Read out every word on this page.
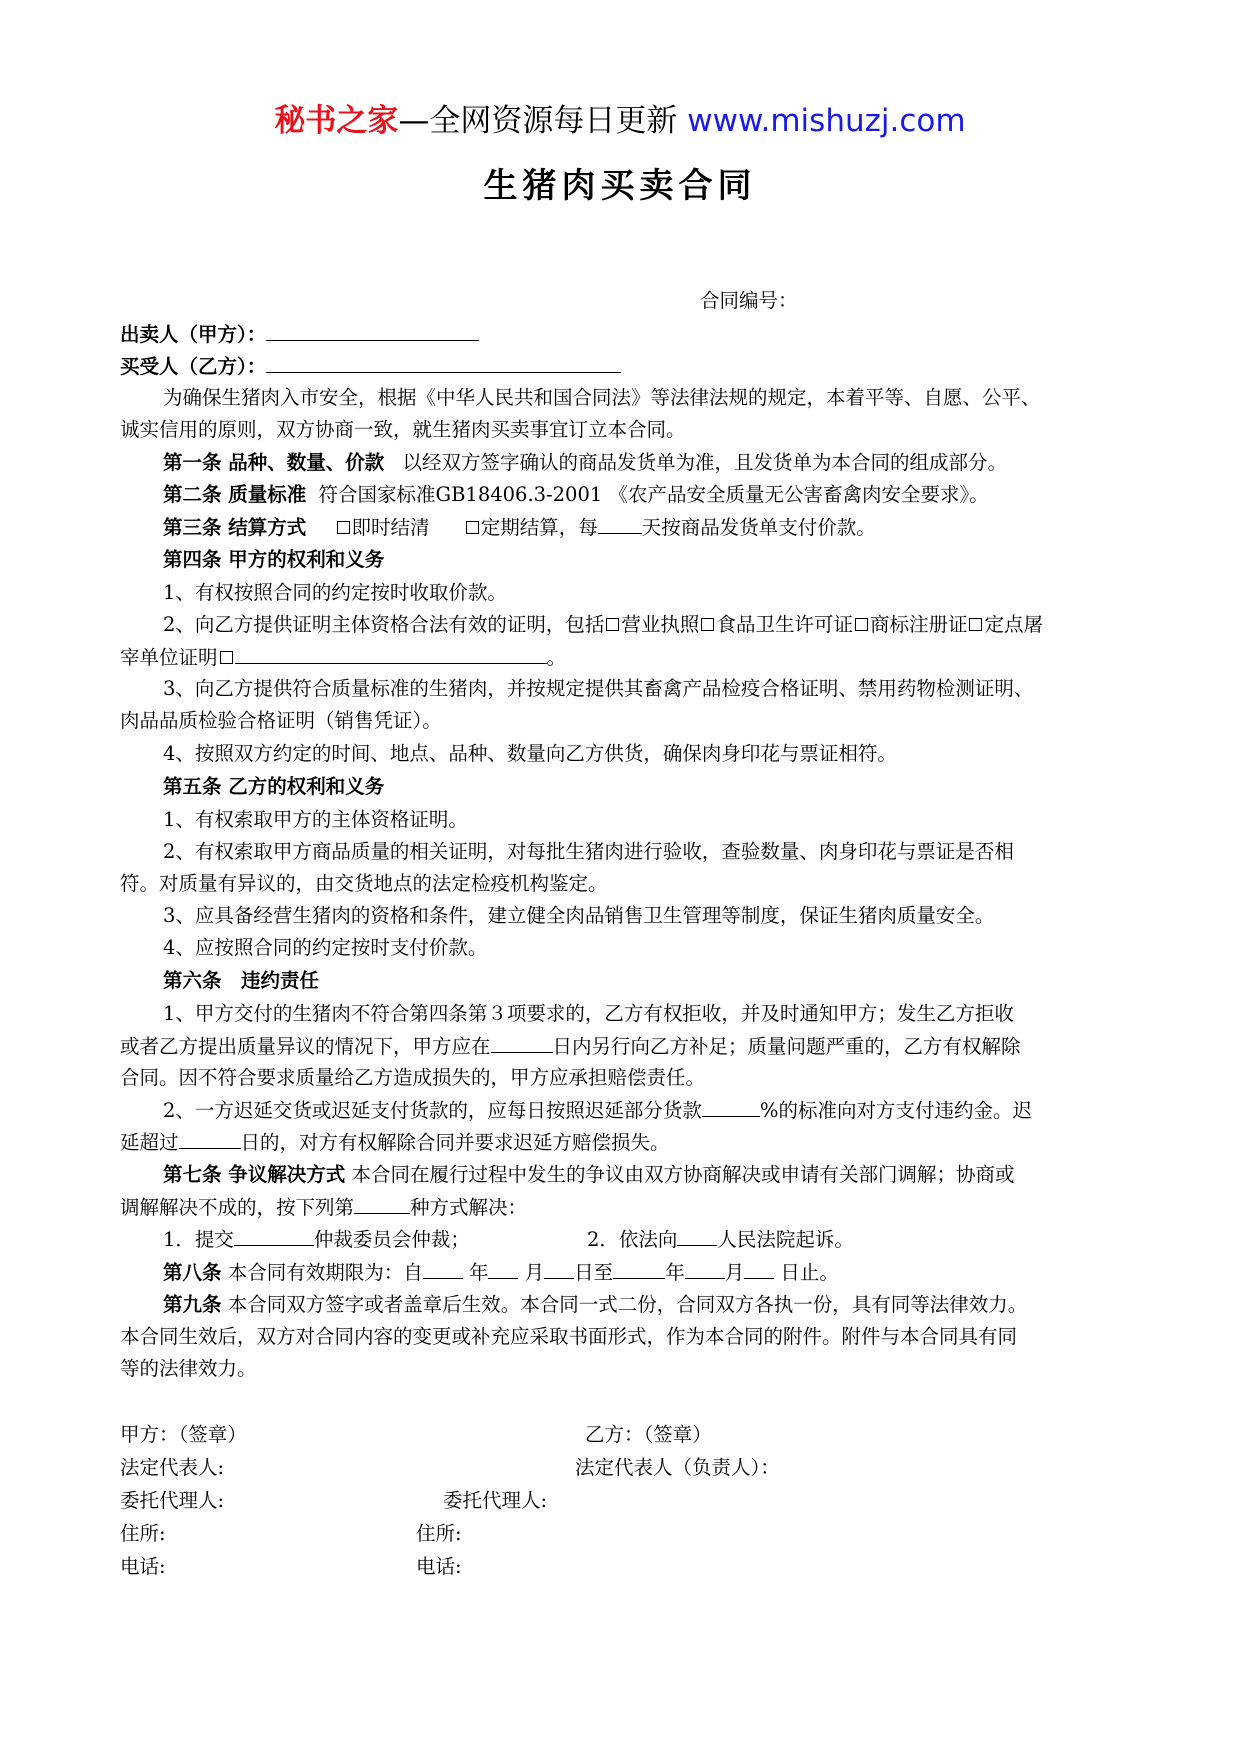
秘书之家—全网资源每日更新 www.mishuzj.com
生猪肉买卖合同
合同编号：
出卖人（甲方）：
买受人（乙方）：
为确保生猪肉入市安全，根据《中华人民共和国合同法》等法律法规的规定，本着平等、自愿、公平、
诚实信用的原则，双方协商一致，就生猪肉买卖事宜订立本合同。
第一条 品种、数量、价款 以经双方签字确认的商品发货单为准，且发货单为本合同的组成部分。
第二条 质量标准 符合国家标准GB18406.3-2001 《农产品安全质量无公害畜禽肉安全要求》。
第三条 结算方式 即时结清	定期结算，每 天按商品发货单支付价款。
第四条 甲方的权利和义务
1、有权按照合同的约定按时收取价款。
2、向乙方提供证明主体资格合法有效的证明，包括 营业执照 食品卫生许可证 商标注册证 定点屠
宰单位证明	。
3、向乙方提供符合质量标准的生猪肉，并按规定提供其畜禽产品检疫合格证明、禁用药物检测证明、
肉品品质检验合格证明（销售凭证）。
4、按照双方约定的时间、地点、品种、数量向乙方供货，确保肉身印花与票证相符。
第五条 乙方的权利和义务
1、有权索取甲方的主体资格证明。
2、有权索取甲方商品质量的相关证明，对每批生猪肉进行验收，查验数量、肉身印花与票证是否相
符。对质量有异议的，由交货地点的法定检疫机构鉴定。
3、应具备经营生猪肉的资格和条件，建立健全肉品销售卫生管理等制度，保证生猪肉质量安全。
4、应按照合同的约定按时支付价款。
第六条　违约责任
1、甲方交付的生猪肉不符合第四条第３项要求的，乙方有权拒收，并及时通知甲方；发生乙方拒收
或者乙方提出质量异议的情况下，甲方应在	日内另行向乙方补足；质量问题严重的，乙方有权解除
合同。因不符合要求质量给乙方造成损失的，甲方应承担赔偿责任。
2、一方迟延交货或迟延支付货款的，应每日按照迟延部分货款	%的标准向对方支付违约金。迟
延超过	日的，对方有权解除合同并要求迟延方赔偿损失。
第七条 争议解决方式 本合同在履行过程中发生的争议由双方协商解决或申请有关部门调解；协商或
调解解决不成的，按下列第	种方式解决：
1．提交	仲裁委员会仲裁；	2．依法向 人民法院起诉。
第八条 本合同有效期限为：自 年 月 日至	年 月 日止。
第九条 本合同双方签字或者盖章后生效。本合同一式二份，合同双方各执一份，具有同等法律效力。
本合同生效后，双方对合同内容的变更或补充应采取书面形式，作为本合同的附件。附件与本合同具有同
等的法律效力。
甲方：（签章）	乙方：（签章）
法定代表人:	法定代表人（负责人）：
委托代理人:	委托代理人:
住所:	住所:
电话:	电话:
